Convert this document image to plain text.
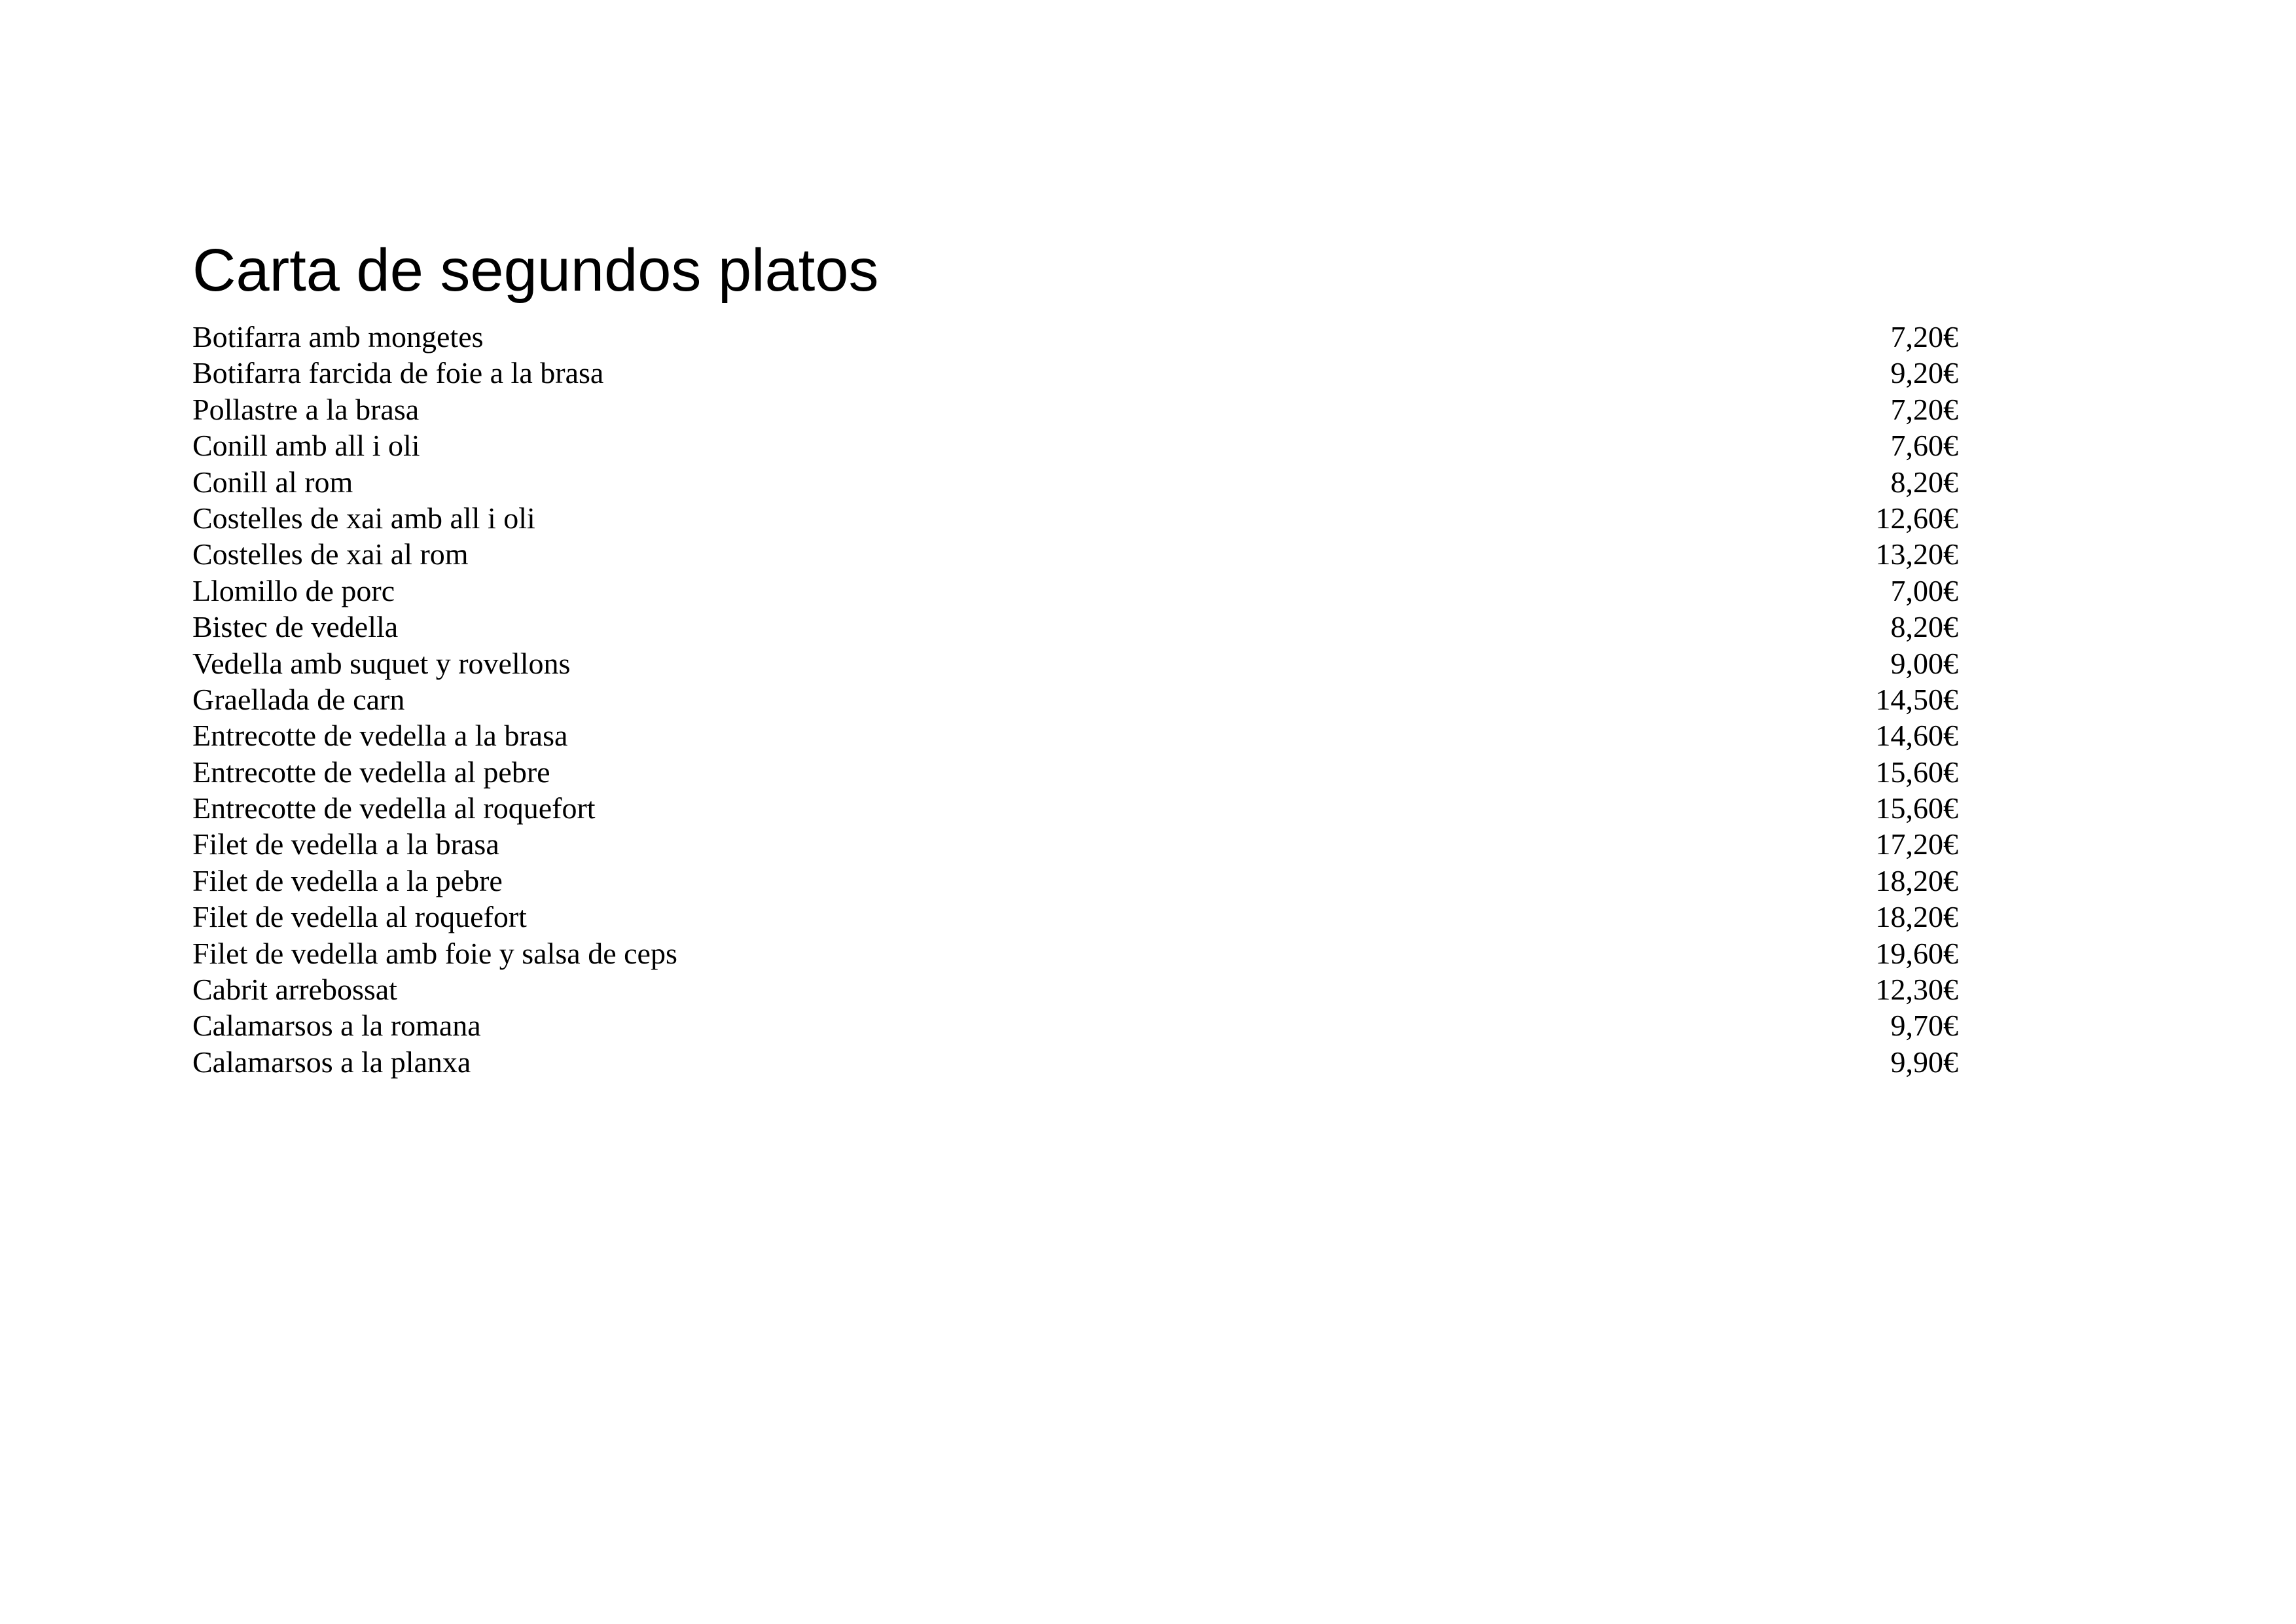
Carta de segundos platos
Botifarra amb mongetes	7,20€
Botifarra farcida de foie a la brasa	9,20€
Pollastre a la brasa	7,20€
Conill amb all i oli	7,60€
Conill al rom	8,20€
Costelles de xai amb all i oli	12,60€
Costelles de xai al rom	13,20€
Llomillo de porc	7,00€
Bistec de vedella	8,20€
Vedella amb suquet y rovellons	9,00€
Graellada de carn	14,50€
Entrecotte de vedella a la brasa	14,60€
Entrecotte de vedella al pebre	15,60€
Entrecotte de vedella al roquefort	15,60€
Filet de vedella a la brasa	17,20€
Filet de vedella a la pebre	18,20€
Filet de vedella al roquefort	18,20€
Filet de vedella amb foie y salsa de ceps	19,60€
Cabrit arrebossat	12,30€
Calamarsos a la romana	9,70€
Calamarsos a la planxa	9,90€
